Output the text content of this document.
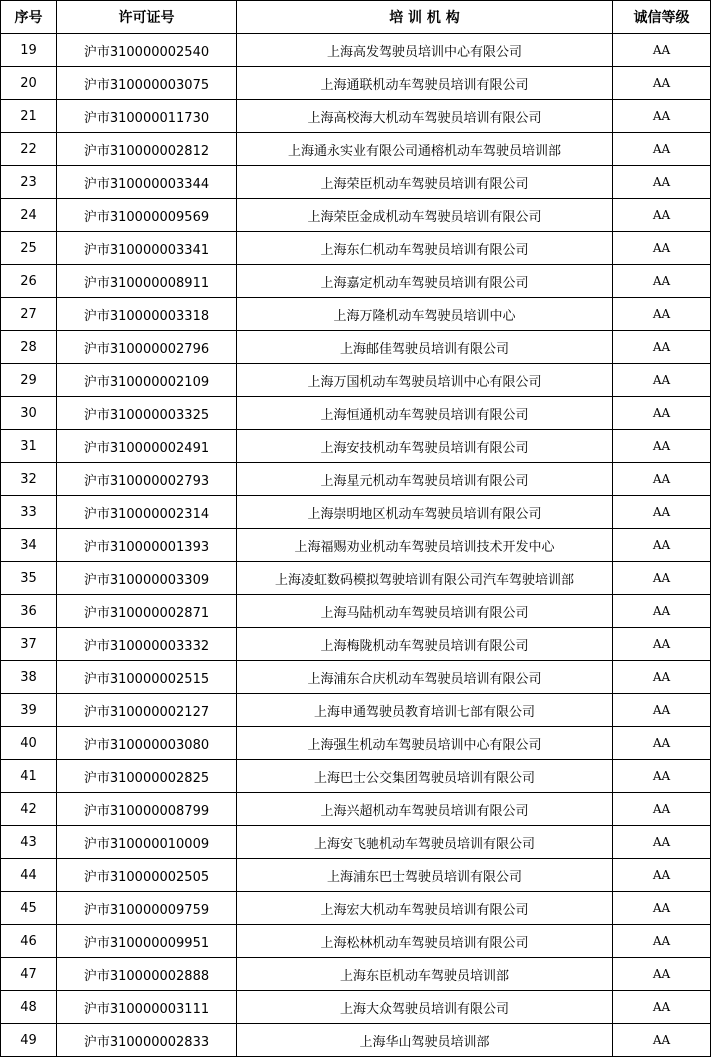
序号	许可证号	培 训 机 构	诚信等级
19	沪市310000002540	上海高发驾驶员培训中心有限公司	AA
20	沪市310000003075	上海通联机动车驾驶员培训有限公司	AA
21	沪市310000011730	上海高校海大机动车驾驶员培训有限公司	AA
22	沪市310000002812	上海通永实业有限公司通榕机动车驾驶员培训部	AA
23	沪市310000003344	上海荣臣机动车驾驶员培训有限公司	AA
24	沪市310000009569	上海荣臣金成机动车驾驶员培训有限公司	AA
25	沪市310000003341	上海东仁机动车驾驶员培训有限公司	AA
26	沪市310000008911	上海嘉定机动车驾驶员培训有限公司	AA
27	沪市310000003318	上海万隆机动车驾驶员培训中心	AA
28	沪市310000002796	上海邮佳驾驶员培训有限公司	AA
29	沪市310000002109	上海万国机动车驾驶员培训中心有限公司	AA
30	沪市310000003325	上海恒通机动车驾驶员培训有限公司	AA
31	沪市310000002491	上海安技机动车驾驶员培训有限公司	AA
32	沪市310000002793	上海星元机动车驾驶员培训有限公司	AA
33	沪市310000002314	上海崇明地区机动车驾驶员培训有限公司	AA
34	沪市310000001393	上海福赐劝业机动车驾驶员培训技术开发中心	AA
35	沪市310000003309	上海凌虹数码模拟驾驶培训有限公司汽车驾驶培训部	AA
36	沪市310000002871	上海马陆机动车驾驶员培训有限公司	AA
37	沪市310000003332	上海梅陇机动车驾驶员培训有限公司	AA
38	沪市310000002515	上海浦东合庆机动车驾驶员培训有限公司	AA
39	沪市310000002127	上海申通驾驶员教育培训七部有限公司	AA
40	沪市310000003080	上海强生机动车驾驶员培训中心有限公司	AA
41	沪市310000002825	上海巴士公交集团驾驶员培训有限公司	AA
42	沪市310000008799	上海兴超机动车驾驶员培训有限公司	AA
43	沪市310000010009	上海安飞驰机动车驾驶员培训有限公司	AA
44	沪市310000002505	上海浦东巴士驾驶员培训有限公司	AA
45	沪市310000009759	上海宏大机动车驾驶员培训有限公司	AA
46	沪市310000009951	上海松林机动车驾驶员培训有限公司	AA
47	沪市310000002888	上海东臣机动车驾驶员培训部	AA
48	沪市310000003111	上海大众驾驶员培训有限公司	AA
49	沪市310000002833	上海华山驾驶员培训部	AA
